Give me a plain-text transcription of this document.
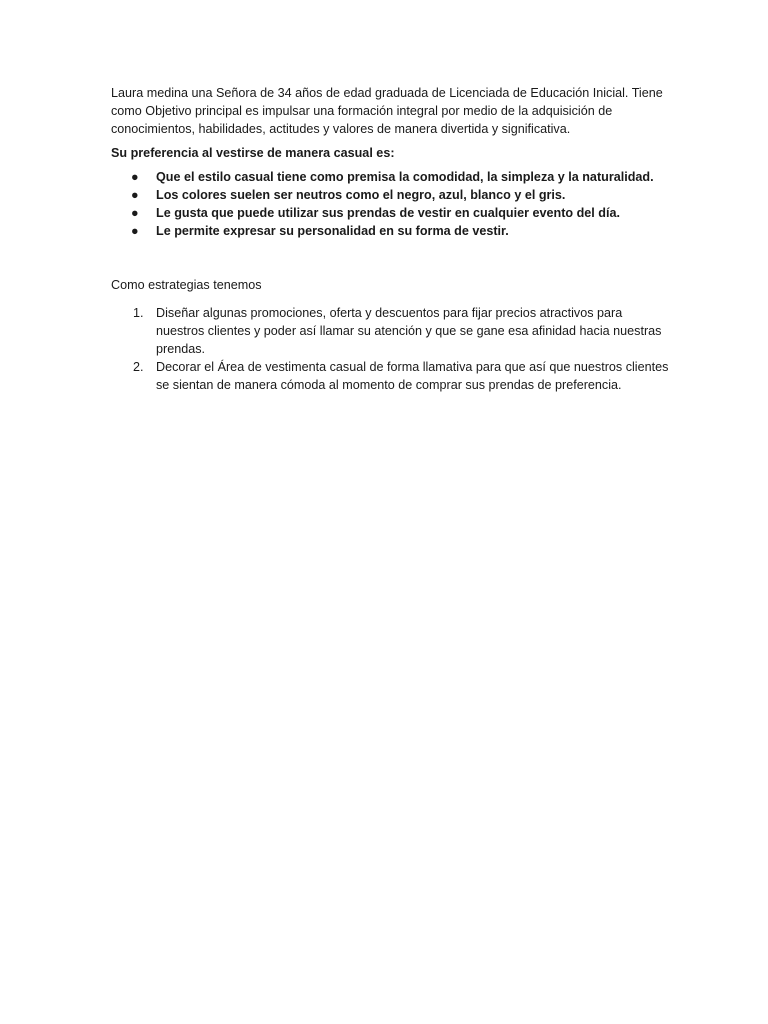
Laura medina una Señora de 34 años de edad graduada de Licenciada de Educación Inicial. Tiene como Objetivo principal es impulsar una formación integral por medio de la adquisición de conocimientos, habilidades, actitudes y valores de manera divertida y significativa.

Su preferencia al vestirse de manera casual es:

● Que el estilo casual tiene como premisa la comodidad, la simpleza y la naturalidad.
● Los colores suelen ser neutros como el negro, azul, blanco y el gris.
● Le gusta que puede utilizar sus prendas de vestir en cualquier evento del día.
● Le permite expresar su personalidad en su forma de vestir.

Como estrategias tenemos

1. Diseñar algunas promociones, oferta y descuentos para fijar precios atractivos para nuestros clientes y poder así llamar su atención y que se gane esa afinidad hacia nuestras prendas.
2. Decorar el Área de vestimenta casual de forma llamativa para que así que nuestros clientes se sientan de manera cómoda al momento de comprar sus prendas de preferencia.
